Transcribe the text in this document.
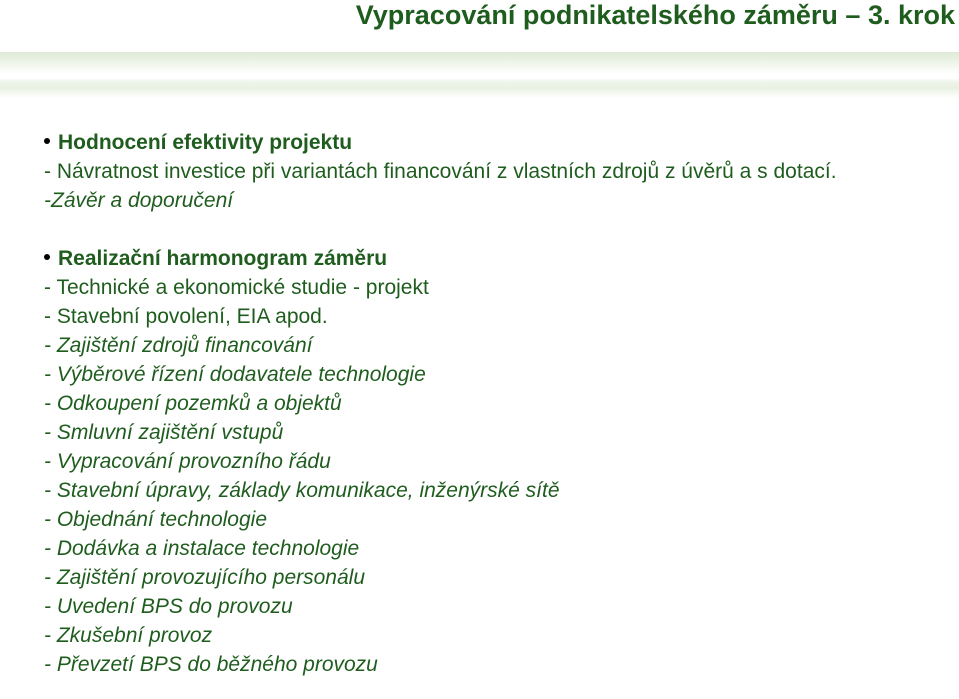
Vypracování podnikatelského záměru – 3. krok
Hodnocení efektivity projektu
- Návratnost investice při variantách financování z vlastních zdrojů z úvěrů a s dotací.
-Závěr a doporučení
Realizační harmonogram záměru
- Technické a ekonomické studie - projekt
- Stavební povolení, EIA apod.
- Zajištění zdrojů financování
- Výběrové řízení dodavatele technologie
- Odkoupení pozemků a objektů
- Smluvní zajištění vstupů
- Vypracování provozního řádu
- Stavební úpravy, základy komunikace, inženýrské sítě
- Objednání technologie
- Dodávka a instalace technologie
- Zajištění provozujícího personálu
- Uvedení BPS do provozu
- Zkušební provoz
- Převzetí BPS do běžného provozu
